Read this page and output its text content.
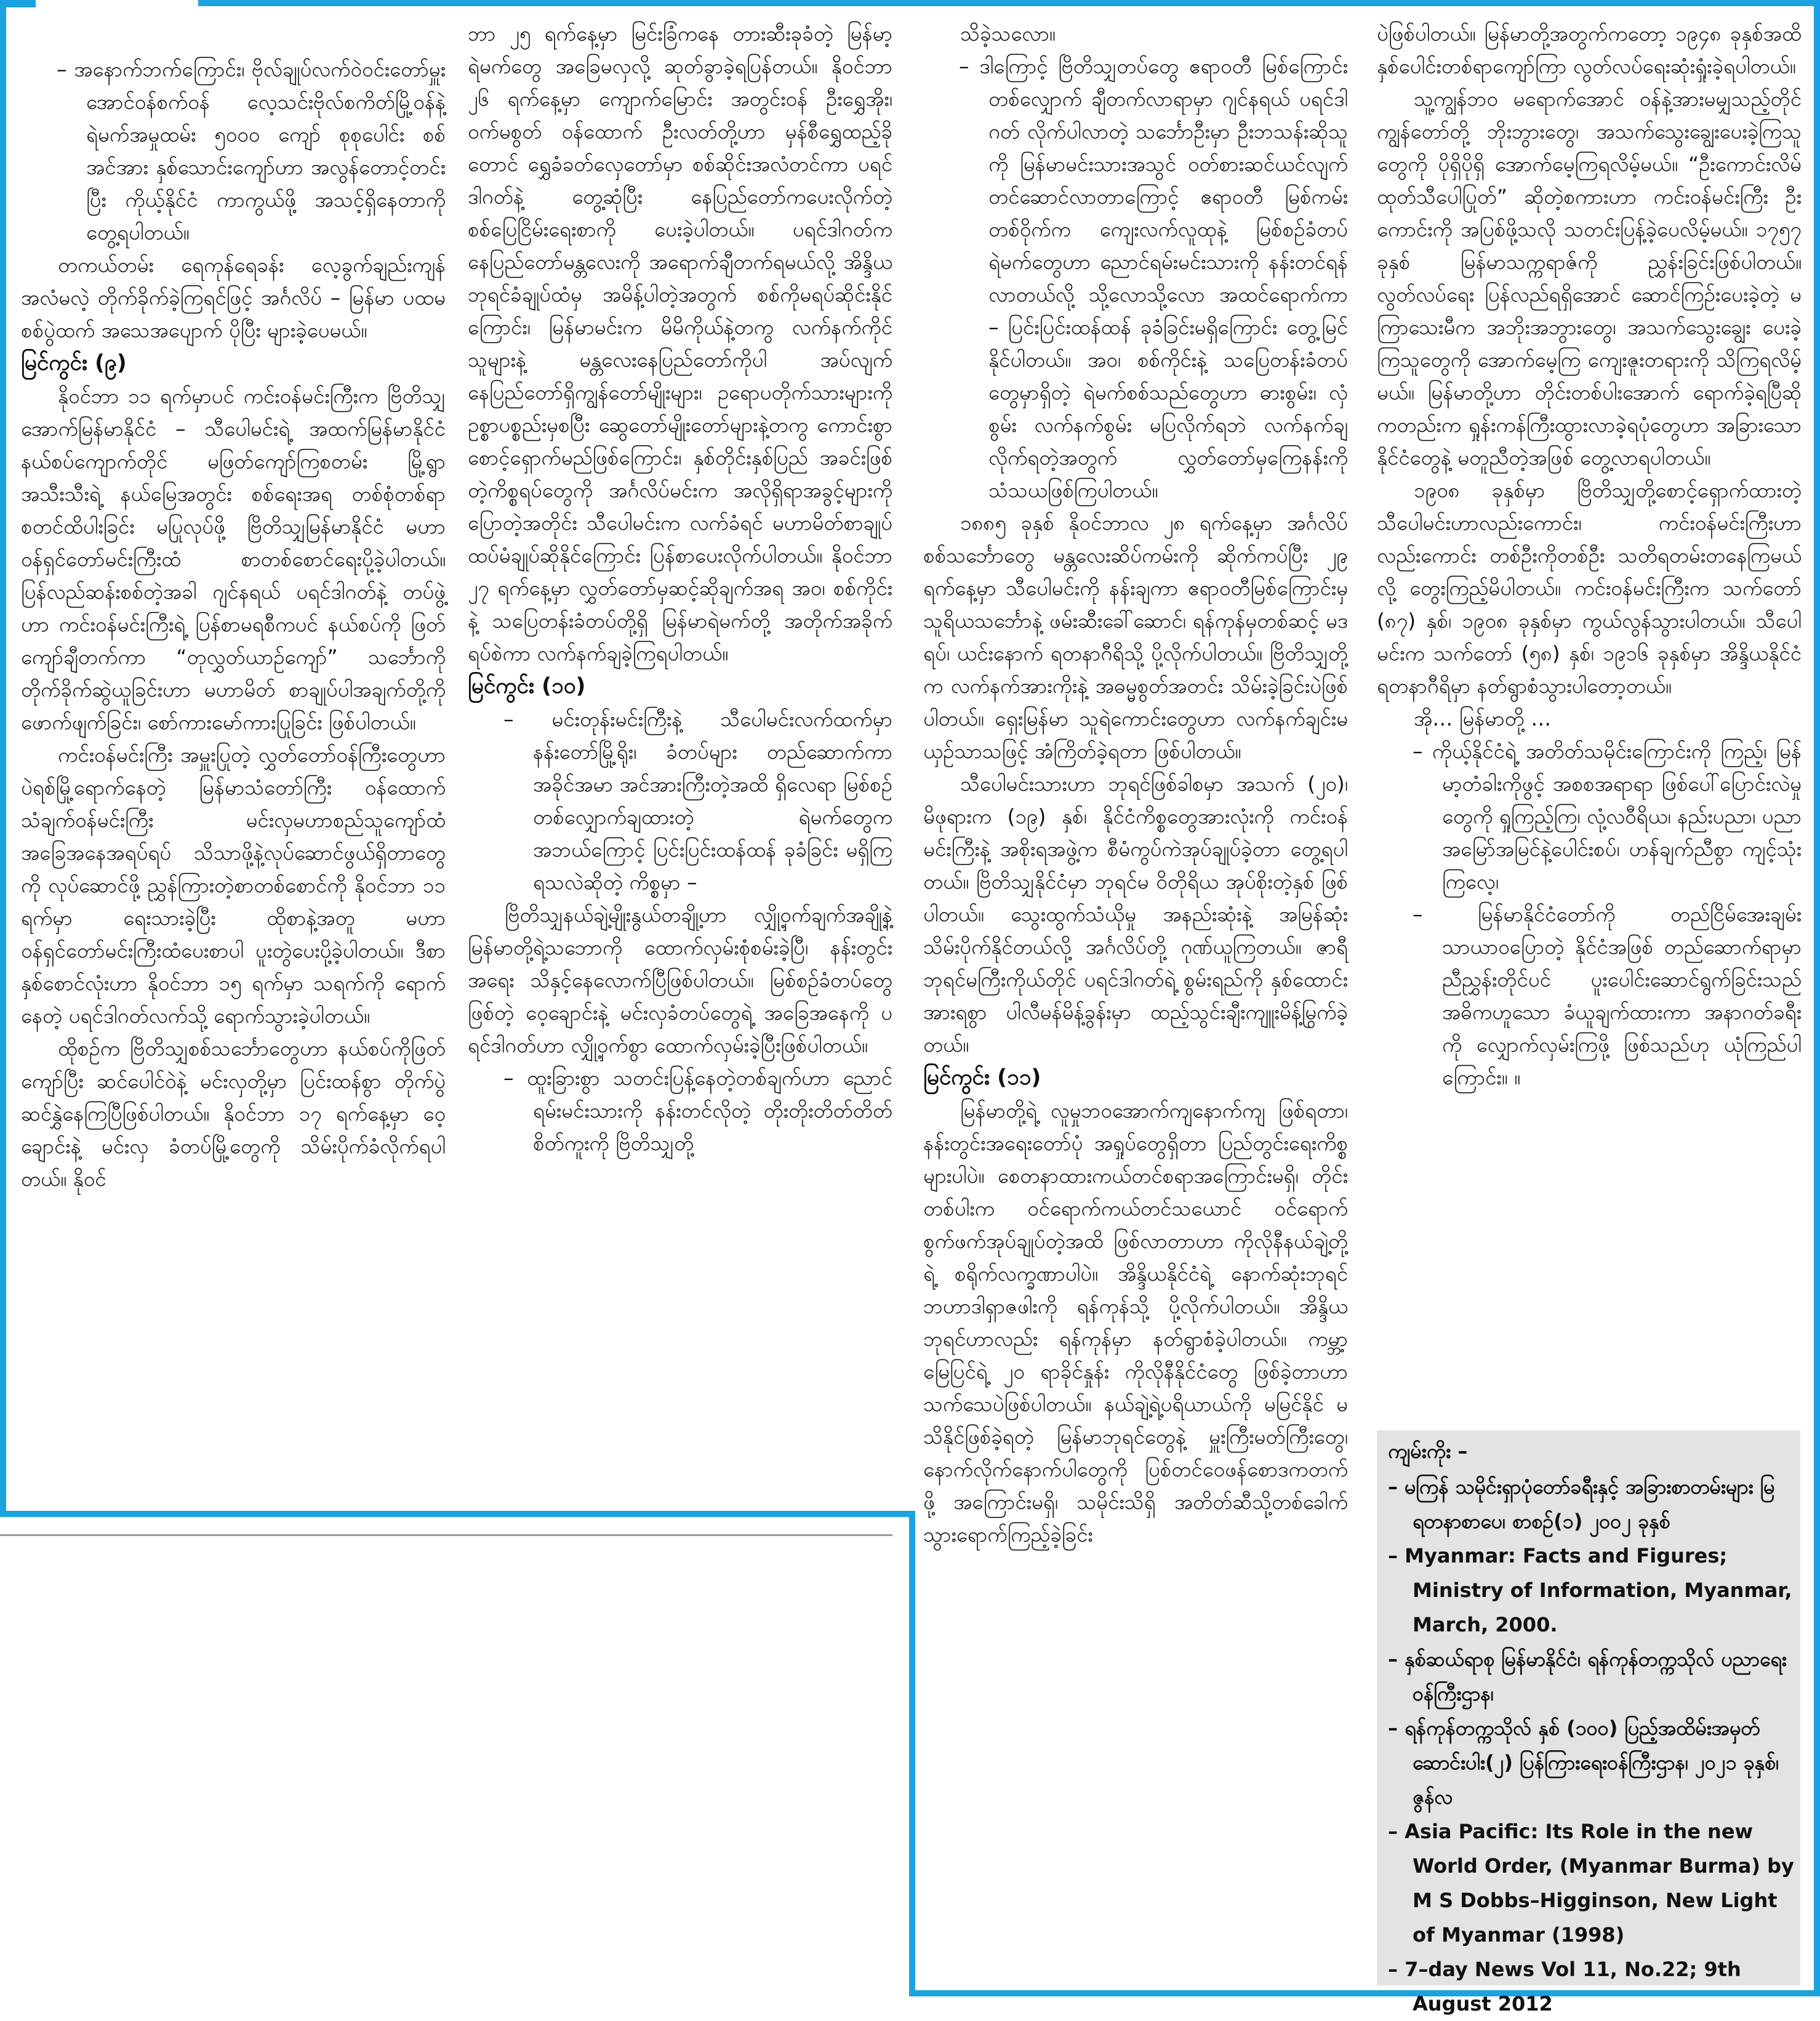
– အနောက်ဘက်ကြောင်း၊ ဗိုလ်ချုပ်လက်ဝဲဝင်းတော်မှူး အောင်ဝန်စက်ဝန် လေ့သင်းဗိုလ်စကိတ်မြို့ဝန်နဲ့ ရဲမက်အမှုထမ်း ၅၀၀၀ ကျော် စုစုပေါင်း စစ်အင်အား နှစ်သောင်းကျော်ဟာ အလွန်တောင့်တင်းပြီး ကိုယ့်နိုင်ငံ ကာကွယ်ဖို့ အသင့်ရှိနေတာကို တွေ့ရပါတယ်။

တကယ်တမ်း ရေကုန်ရေခန်း လေ့ခွက်ချည်းကျန် အလံမလဲ့ တိုက်ခိုက်ခဲ့ကြရင်ဖြင့် အင်္ဂလိပ် – မြန်မာ ပထမစစ်ပွဲထက် အသေအပျောက် ပိုပြီး များခဲ့ပေမယ်။

မြင်ကွင်း (၉)

နိုဝင်ဘာ ၁၁ ရက်မှာပင် ကင်းဝန်မင်းကြီးက ဗြိတိသျှအောက်မြန်မာနိုင်ငံ – သီပေါမင်းရဲ့ အထက်မြန်မာနိုင်ငံ နယ်စပ်ကျောက်တိုင် မဖြတ်ကျော်ကြစတမ်း မြို့ရွာအသီးသီးရဲ့ နယ်မြေအတွင်း စစ်ရေးအရ တစ်စုံတစ်ရာ စတင်ထိပါးခြင်း မပြုလုပ်ဖို့ ဗြိတိသျှမြန်မာနိုင်ငံ မဟာဝန်ရှင်တော်မင်းကြီးထံ စာတစ်စောင်ရေးပို့ခဲ့ပါတယ်။ ပြန်လည်ဆန်းစစ်တဲ့အခါ ဂျင်နရယ် ပရင်ဒါဂတ်နဲ့ တပ်ဖွဲ့ဟာ ကင်းဝန်မင်းကြီးရဲ့ ပြန်စာမရစီကပင် နယ်စပ်ကို ဖြတ်ကျော်ချီတက်ကာ “တုလွှတ်ယာဉ်ကျော်” သင်္ဘောကို တိုက်ခိုက်ဆွဲယူခြင်းဟာ မဟာမိတ် စာချုပ်ပါအချက်တို့ကို ဖောက်ဖျက်ခြင်း၊ စော်ကားမော်ကားပြုခြင်း ဖြစ်ပါတယ်။

ကင်းဝန်မင်းကြီး အမှူးပြုတဲ့ လွှတ်တော်ဝန်ကြီးတွေဟာ ပဲရစ်မြို့ရောက်နေတဲ့ မြန်မာသံတော်ကြီး ဝန်ထောက် သံချက်ဝန်မင်းကြီး မင်းလှမဟာစည်သူကျော်ထံ အခြေအနေအရပ်ရပ် သိသာဖို့နဲ့လုပ်ဆောင်ဖွယ်ရှိတာတွေကို လုပ်ဆောင်ဖို့ ညွှန်ကြားတဲ့စာတစ်စောင်ကို နိုဝင်ဘာ ၁၁ ရက်မှာ ရေးသားခဲ့ပြီး ထိုစာနဲ့အတူ မဟာဝန်ရှင်တော်မင်းကြီးထံပေးစာပါ ပူးတွဲပေးပို့ခဲ့ပါတယ်။ ဒီစာနှစ်စောင်လုံးဟာ နိုဝင်ဘာ ၁၅ ရက်မှာ သရက်ကို ရောက်နေတဲ့ ပရင်ဒါဂတ်လက်သို့ ရောက်သွားခဲ့ပါတယ်။

ထိုစဉ်က ဗြိတိသျှစစ်သင်္ဘောတွေဟာ နယ်စပ်ကိုဖြတ်ကျော်ပြီး ဆင်ပေါင်ဝဲနဲ့ မင်းလှတို့မှာ ပြင်းထန်စွာ တိုက်ပွဲဆင်နွှဲနေကြပြီဖြစ်ပါတယ်။ နိုဝင်ဘာ ၁၇ ရက်နေ့မှာ ဝေ့ချောင်းနဲ့ မင်းလှ ခံတပ်မြို့တွေကို သိမ်းပိုက်ခံလိုက်ရပါတယ်။ နိုဝင်

ဘာ ၂၅ ရက်နေ့မှာ မြင်းခြံကနေ တားဆီးခုခံတဲ့ မြန်မာ့ရဲမက်တွေ အခြေမလှလို့ ဆုတ်ခွာခဲ့ရပြန်တယ်။ နိုဝင်ဘာ ၂၆ ရက်နေ့မှာ ကျောက်မြောင်း အတွင်းဝန် ဦးရွှေအိုး၊ ဝက်မစွတ် ဝန်ထောက် ဦးလတ်တို့ဟာ မှန်စီရွှေထည့်ခိုတောင် ရွှေခံခတ်လှေတော်မှာ စစ်ဆိုင်းအလံတင်ကာ ပရင်ဒါဂတ်နဲ့ တွေ့ဆုံပြီး နေပြည်တော်ကပေးလိုက်တဲ့ စစ်ပြေငြိမ်းရေးစာကို ပေးခဲ့ပါတယ်။ ပရင်ဒါဂတ်က နေပြည်တော်မန္တလေးကို အရောက်ချီတက်ရမယ်လို့ အိန္ဒိယဘုရင်ခံချုပ်ထံမှ အမိန့်ပါတဲ့အတွက် စစ်ကိုမရပ်ဆိုင်းနိုင်ကြောင်း၊ မြန်မာမင်းက မိမိကိုယ်နဲ့တကွ လက်နက်ကိုင်သူများနဲ့ မန္တလေးနေပြည်တော်ကိုပါ အပ်လျက် နေပြည်တော်ရှိကျွန်တော်မျိုးများ၊ ဥရောပတိုက်သားများကို ဥစ္စာပစ္စည်းမှစပြီး ဆွေတော်မျိုးတော်များနဲ့တကွ ကောင်းစွာစောင့်ရှောက်မည်ဖြစ်ကြောင်း၊ နှစ်တိုင်းနှစ်ပြည် အခင်းဖြစ်တဲ့ကိစ္စရပ်တွေကို အင်္ဂလိပ်မင်းက အလိုရှိရာအခွင့်များကို ပြောတဲ့အတိုင်း သီပေါမင်းက လက်ခံရင် မဟာမိတ်စာချုပ် ထပ်မံချုပ်ဆိုနိုင်ကြောင်း ပြန်စာပေးလိုက်ပါတယ်။ နိုဝင်ဘာ ၂၇ ရက်နေ့မှာ လွှတ်တော်မှဆင့်ဆိုချက်အရ အဝ၊ စစ်ကိုင်းနဲ့ သပြေတန်းခံတပ်တို့ရှိ မြန်မာရဲမက်တို့ အတိုက်အခိုက်ရပ်စဲကာ လက်နက်ချခဲ့ကြရပါတယ်။

မြင်ကွင်း (၁၀)
– မင်းတုန်းမင်းကြီးနဲ့ သီပေါမင်းလက်ထက်မှာ နန်းတော်မြို့ရိုး၊ ခံတပ်များ တည်ဆောက်ကာ အခိုင်အမာ အင်အားကြီးတဲ့အထိ ရှိလေရာ မြစ်စဉ်တစ်လျှောက်ချထားတဲ့ ရဲမက်တွေက အဘယ်ကြောင့် ပြင်းပြင်းထန်ထန် ခုခံခြင်း မရှိကြရသလဲဆိုတဲ့ ကိစ္စမှာ –

ဗြိတိသျှနယ်ချဲ့မျိုးနွယ်တချို့ဟာ လျှို့ဝှက်ချက်အချို့နဲ့ မြန်မာတို့ရဲ့သဘောကို ထောက်လှမ်းစုံစမ်းခဲ့ပြီ၊ နန်းတွင်းအရေး သိနှင့်နေလောက်ပြီဖြစ်ပါတယ်။ မြစ်စဉ်ခံတပ်တွေဖြစ်တဲ့ ဝေ့ချောင်းနဲ့ မင်းလှခံတပ်တွေရဲ့ အခြေအနေကို ပရင်ဒါဂတ်ဟာ လျှို့ဝှက်စွာ ထောက်လှမ်းခဲ့ပြီးဖြစ်ပါတယ်။

– ထူးခြားစွာ သတင်းပြန့်နေတဲ့တစ်ချက်ဟာ ညောင်ရမ်းမင်းသားကို နန်းတင်လိုတဲ့ တိုးတိုးတိတ်တိတ် စိတ်ကူးကို ဗြိတိသျှတို့

သိခဲ့သလော။

– ဒါကြောင့် ဗြိတိသျှတပ်တွေ ဧရာဝတီ မြစ်ကြောင်းတစ်လျှောက် ချီတက်လာရာမှာ ဂျင်နရယ် ပရင်ဒါဂတ် လိုက်ပါလာတဲ့ သင်္ဘောဦးမှာ ဦးဘသန်းဆိုသူကို မြန်မာမင်းသားအသွင် ဝတ်စားဆင်ယင်လျက် တင်ဆောင်လာတာကြောင့် ဧရာဝတီ မြစ်ကမ်းတစ်ဝိုက်က ကျေးလက်လူထုနဲ့ မြစ်စဉ်ခံတပ် ရဲမက်တွေဟာ ညောင်ရမ်းမင်းသားကို နန်းတင်ရန် လာတယ်လို့ သို့လောသို့လော အထင်ရောက်ကာ – ပြင်းပြင်းထန်ထန် ခုခံခြင်းမရှိကြောင်း တွေ့မြင်နိုင်ပါတယ်။ အဝ၊ စစ်ကိုင်းနဲ့ သပြေတန်းခံတပ်တွေမှာရှိတဲ့ ရဲမက်စစ်သည်တွေဟာ ဓားစွမ်း၊ လှံစွမ်း လက်နက်စွမ်း မပြလိုက်ရဘဲ လက်နက်ချလိုက်ရတဲ့အတွက် လွှတ်တော်မှကြေနန်းကို သံသယဖြစ်ကြပါတယ်။

၁၈၈၅ ခုနှစ် နိုဝင်ဘာလ ၂၈ ရက်နေ့မှာ အင်္ဂလိပ်စစ်သင်္ဘောတွေ မန္တလေးဆိပ်ကမ်းကို ဆိုက်ကပ်ပြီး ၂၉ ရက်နေ့မှာ သီပေါမင်းကို နန်းချကာ ဧရာဝတီမြစ်ကြောင်းမှ သူရိယသင်္ဘောနဲ့ ဖမ်းဆီးခေါ်ဆောင်၊ ရန်ကုန်မှတစ်ဆင့် မဒရပ်၊ ယင်းနောက် ရတနာဂီရိသို့ ပို့လိုက်ပါတယ်။ ဗြိတိသျှတို့က လက်နက်အားကိုးနဲ့ အဓမ္မစွတ်အတင်း သိမ်းခဲ့ခြင်းပဲဖြစ်ပါတယ်။ ရှေးမြန်မာ သူရဲကောင်းတွေဟာ လက်နက်ချင်းမယှဉ်သာသဖြင့် အံကြိတ်ခဲ့ရတာ ဖြစ်ပါတယ်။

သီပေါမင်းသားဟာ ဘုရင်ဖြစ်ခါစမှာ အသက် (၂၀)၊ မိဖုရားက (၁၉) နှစ်၊ နိုင်ငံကိစ္စတွေအားလုံးကို ကင်းဝန်မင်းကြီးနဲ့ အစိုးရအဖွဲ့က စီမံကွပ်ကဲအုပ်ချုပ်ခဲ့တာ တွေ့ရပါတယ်။ ဗြိတိသျှနိုင်ငံမှာ ဘုရင်မ ဝိတိုရိယ အုပ်စိုးတဲ့နှစ် ဖြစ်ပါတယ်။ သွေးထွက်သံယိုမှု အနည်းဆုံးနဲ့ အမြန်ဆုံး သိမ်းပိုက်နိုင်တယ်လို့ အင်္ဂလိပ်တို့ ဂုဏ်ယူကြတယ်။ ဇာရီဘုရင်မကြီးကိုယ်တိုင် ပရင်ဒါဂတ်ရဲ့ စွမ်းရည်ကို နှစ်ထောင်းအားရစွာ ပါလီမန်မိန့်ခွန်းမှာ ထည့်သွင်းချီးကျူးမိန့်မြွက်ခဲ့တယ်။

မြင်ကွင်း (၁၁)

မြန်မာတို့ရဲ့ လူမှုဘဝအောက်ကျနောက်ကျ ဖြစ်ရတာ၊ နန်းတွင်းအရေးတော်ပုံ အရှုပ်တွေရှိတာ ပြည်တွင်းရေးကိစ္စများပါပဲ။ စေတနာထားကယ်တင်စရာအကြောင်းမရှိ၊ တိုင်းတစ်ပါးက ဝင်ရောက်ကယ်တင်သယောင် ဝင်ရောက်စွက်ဖက်အုပ်ချုပ်တဲ့အထိ ဖြစ်လာတာဟာ ကိုလိုနီနယ်ချဲ့တို့ရဲ့ စရိုက်လက္ခဏာပါပဲ။ အိန္ဒိယနိုင်ငံရဲ့ နောက်ဆုံးဘုရင် ဘဟာဒါရှာဇဖါးကို ရန်ကုန်သို့ ပို့လိုက်ပါတယ်။ အိန္ဒိယဘုရင်ဟာလည်း ရန်ကုန်မှာ နတ်ရွာစံခဲ့ပါတယ်။ ကမ္ဘာ့မြေပြင်ရဲ့ ၂၀ ရာခိုင်နှုန်း ကိုလိုနီနိုင်ငံတွေ ဖြစ်ခဲ့တာဟာ သက်သေပဲဖြစ်ပါတယ်။ နယ်ချဲ့ရဲ့ပရိယာယ်ကို မမြင်နိုင် မသိနိုင်ဖြစ်ခဲ့ရတဲ့ မြန်မာဘုရင်တွေနဲ့ မှူးကြီးမတ်ကြီးတွေ၊ နောက်လိုက်နောက်ပါတွေကို ပြစ်တင်ဝေဖန်စောဒကတက်ဖို့ အကြောင်းမရှိ၊ သမိုင်းသိရှိ အတိတ်ဆီသို့တစ်ခေါက် သွားရောက်ကြည့်ခဲ့ခြင်း

ပဲဖြစ်ပါတယ်။ မြန်မာတို့အတွက်ကတော့ ၁၉၄၈ ခုနှစ်အထိ နှစ်ပေါင်းတစ်ရာကျော်ကြာ လွတ်လပ်ရေးဆုံးရှုံးခဲ့ရပါတယ်။

သူ့ကျွန်ဘဝ မရောက်အောင် ဝန်နဲ့အားမမျှသည့်တိုင် ကျွန်တော်တို့ ဘိုးဘွားတွေ၊ အသက်သွေးချွေးပေးခဲ့ကြသူတွေကို ပိုရှိပိုရှိ အောက်မေ့ကြရလိမ့်မယ်။ “ဦးကောင်းလိမ်ထုတ်သီပေါပြုတ်” ဆိုတဲ့စကားဟာ ကင်းဝန်မင်းကြီး ဦးကောင်းကို အပြစ်ဖို့သလို သတင်းပြန့်ခဲ့ပေလိမ့်မယ်။ ၁၇၅၇ ခုနှစ် မြန်မာသက္ကရာဇ်ကို ညွှန်းခြင်းဖြစ်ပါတယ်။ လွတ်လပ်ရေး ပြန်လည်ရရှိအောင် ဆောင်ကြဉ်းပေးခဲ့တဲ့ မကြာသေးမီက အဘိုးအဘွားတွေ၊ အသက်သွေးချွေး ပေးခဲ့ကြသူတွေကို အောက်မေ့ကြ ကျေးဇူးတရားကို သိကြရလိမ့်မယ်။ မြန်မာတို့ဟာ တိုင်းတစ်ပါးအောက် ရောက်ခဲ့ရပြီဆိုကတည်းက ရှုန်းကန်ကြီးထွားလာခဲ့ရပုံတွေဟာ အခြားသောနိုင်ငံတွေနဲ့ မတူညီတဲ့အဖြစ် တွေ့လာရပါတယ်။

၁၉၀၈ ခုနှစ်မှာ ဗြိတိသျှတို့စောင့်ရှောက်ထားတဲ့ သီပေါမင်းဟာလည်းကောင်း၊ ကင်းဝန်မင်းကြီးဟာလည်းကောင်း တစ်ဦးကိုတစ်ဦး သတိရတမ်းတနေကြမယ်လို့ တွေးကြည့်မိပါတယ်။ ကင်းဝန်မင်းကြီးက သက်တော် (၈၇) နှစ်၊ ၁၉၀၈ ခုနှစ်မှာ ကွယ်လွန်သွားပါတယ်။ သီပေါမင်းက သက်တော် (၅၈) နှစ်၊ ၁၉၁၆ ခုနှစ်မှာ အိန္ဒိယနိုင်ငံ ရတနာဂီရိမှာ နတ်ရွာစံသွားပါတော့တယ်။

အို… မြန်မာတို့ …

– ကိုယ့်နိုင်ငံရဲ့ အတိတ်သမိုင်းကြောင်းကို ကြည့်၊ မြန်မာ့တံခါးကိုဖွင့် အစစအရာရာ ဖြစ်ပေါ်ပြောင်းလဲမှုတွေကို ရှုကြည့်ကြ၊ လုံ့လဝီရိယ၊ နည်းပညာ၊ ပညာအမြော်အမြင်နဲ့ပေါင်းစပ်၊ ဟန်ချက်ညီစွာ ကျင့်သုံးကြလေ့၊
– မြန်မာနိုင်ငံတော်ကို တည်ငြိမ်အေးချမ်းသာယာဝပြောတဲ့ နိုင်ငံအဖြစ် တည်ဆောက်ရာမှာ ညီညွှန်းတိုင်ပင် ပူးပေါင်းဆောင်ရွက်ခြင်းသည်အဓိကဟူသော ခံယူချက်ထားကာ အနာဂတ်ခရီးကို လျှောက်လှမ်းကြဖို့ ဖြစ်သည်ဟု ယုံကြည်ပါကြောင်း။ ။
ကျမ်းကိုး –
– မကြန် သမိုင်းရှာပုံတော်ခရီးနှင့် အခြားစာတမ်းများ မြရတနာစာပေ၊ စာစဉ်(၁) ၂၀၀၂ ခုနှစ်
– Myanmar: Facts and Figures; Ministry of Information, Myanmar, March, 2000.
– နှစ်ဆယ်ရာစု မြန်မာနိုင်ငံ၊ ရန်ကုန်တက္ကသိုလ် ပညာရေးဝန်ကြီးဌာန၊
– ရန်ကုန်တက္ကသိုလ် နှစ် (၁၀၀) ပြည့်အထိမ်းအမှတ်ဆောင်းပါး(၂) ပြန်ကြားရေးဝန်ကြီးဌာန၊ ၂၀၂၁ ခုနှစ်၊ ဇွန်လ
– Asia Pacific: Its Role in the new World Order, (Myanmar Burma) by M S Dobbs–Higginson, New Light of Myanmar (1998)
– 7–day News Vol 11, No.22; 9th August 2012
